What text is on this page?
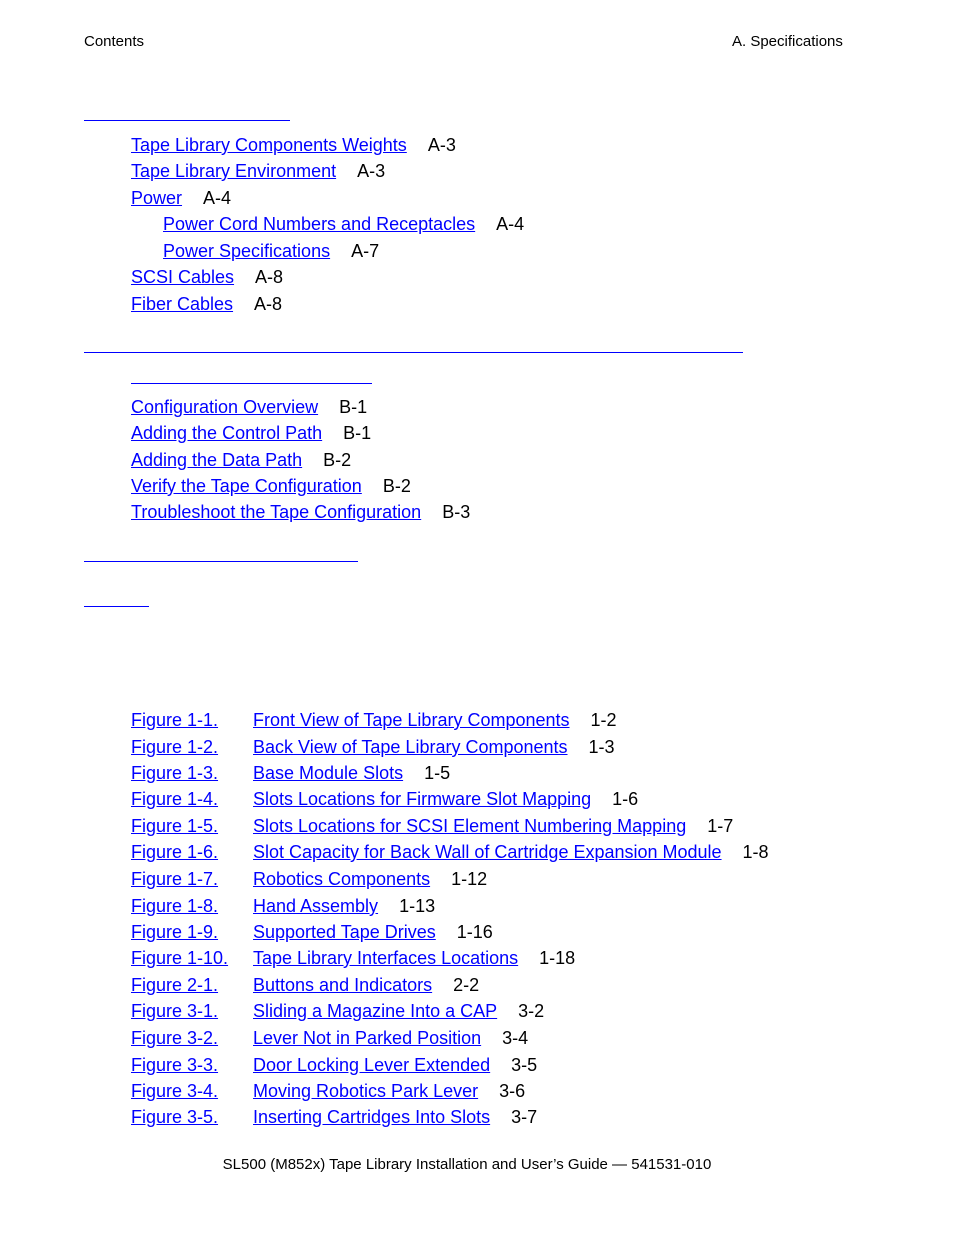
Contents	A. Specifications
Tape Library Components Weights A-3
Tape Library Environment A-3
Power A-4
Power Cord Numbers and Receptacles A-4
Power Specifications A-7
SCSI Cables A-8
Fiber Cables A-8
Configuration Overview B-1
Adding the Control Path B-1
Adding the Data Path B-2
Verify the Tape Configuration B-2
Troubleshoot the Tape Configuration B-3
Figure 1-1. Front View of Tape Library Components 1-2
Figure 1-2. Back View of Tape Library Components 1-3
Figure 1-3. Base Module Slots 1-5
Figure 1-4. Slots Locations for Firmware Slot Mapping 1-6
Figure 1-5. Slots Locations for SCSI Element Numbering Mapping 1-7
Figure 1-6. Slot Capacity for Back Wall of Cartridge Expansion Module 1-8
Figure 1-7. Robotics Components 1-12
Figure 1-8. Hand Assembly 1-13
Figure 1-9. Supported Tape Drives 1-16
Figure 1-10. Tape Library Interfaces Locations 1-18
Figure 2-1. Buttons and Indicators 2-2
Figure 3-1. Sliding a Magazine Into a CAP 3-2
Figure 3-2. Lever Not in Parked Position 3-4
Figure 3-3. Door Locking Lever Extended 3-5
Figure 3-4. Moving Robotics Park Lever 3-6
Figure 3-5. Inserting Cartridges Into Slots 3-7
SL500 (M852x) Tape Library Installation and User’s Guide — 541531-010
